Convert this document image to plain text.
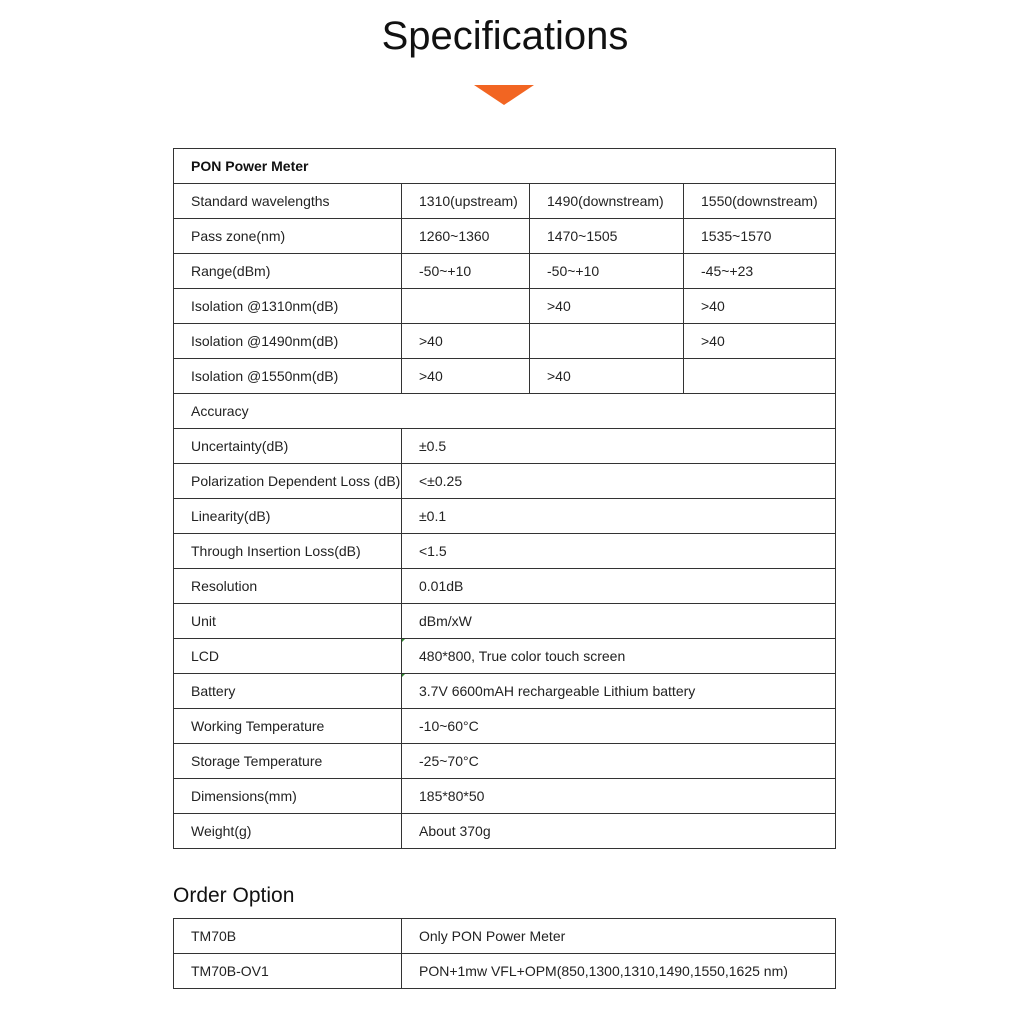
Specifications
PON Power Meter			
Standard wavelengths	1310(upstream)	1490(downstream)	1550(downstream)
Pass zone(nm)	1260~1360	1470~1505	1535~1570
Range(dBm)	-50~+10	-50~+10	-45~+23
Isolation @1310nm(dB)		>40	>40
Isolation @1490nm(dB)	>40		>40
Isolation @1550nm(dB)	>40	>40	
Accuracy			
Uncertainty(dB)	±0.5		
Polarization Dependent Loss (dB)	<±0.25		
Linearity(dB)	±0.1		
Through Insertion Loss(dB)	<1.5		
Resolution	0.01dB		
Unit	dBm/xW		
LCD	480*800, True color touch screen		
Battery	3.7V 6600mAH rechargeable Lithium battery		
Working Temperature	-10~60°C		
Storage Temperature	-25~70°C		
Dimensions(mm)	185*80*50		
Weight(g)	About 370g		
Order Option
TM70B	Only PON Power Meter
TM70B-OV1	PON+1mw VFL+OPM(850,1300,1310,1490,1550,1625 nm)
